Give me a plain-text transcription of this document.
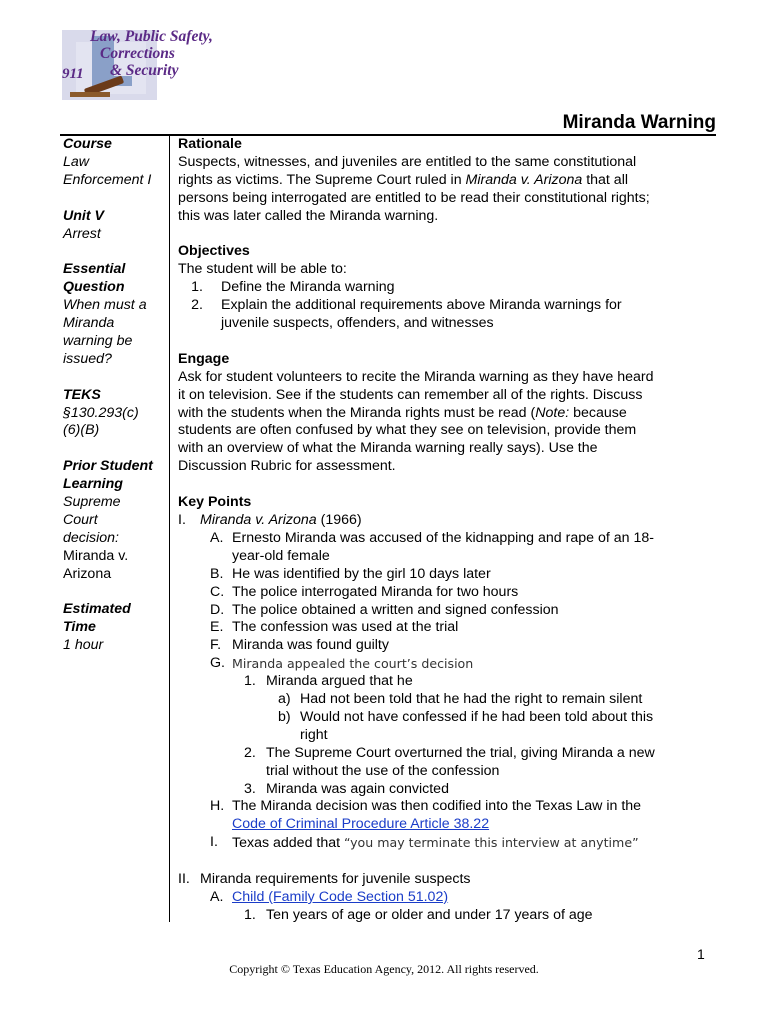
911
Law, Public Safety,
Corrections
& Security
Miranda Warning
Course
Law
Enforcement I
Unit V
Arrest
Essential
Question
When must a
Miranda
warning be
issued?
TEKS
§130.293(c)
(6)(B)
Prior Student
Learning
Supreme
Court
decision:
Miranda v.
Arizona
Estimated
Time
1 hour
Rationale
Suspects, witnesses, and juveniles are entitled to the same constitutional
rights as victims. The Supreme Court ruled in Miranda v. Arizona that all
persons being interrogated are entitled to be read their constitutional rights;
this was later called the Miranda warning.
Objectives
The student will be able to:
1.	Define the Miranda warning
2.	Explain the additional requirements above Miranda warnings for
juvenile suspects, offenders, and witnesses
Engage
Ask for student volunteers to recite the Miranda warning as they have heard
it on television. See if the students can remember all of the rights. Discuss
with the students when the Miranda rights must be read (Note: because
students are often confused by what they see on television, provide them
with an overview of what the Miranda warning really says). Use the
Discussion Rubric for assessment.
Key Points
I. Miranda v. Arizona (1966)
A. Ernesto Miranda was accused of the kidnapping and rape of an 18-
year-old female
B. He was identified by the girl 10 days later
C. The police interrogated Miranda for two hours
D. The police obtained a written and signed confession
E. The confession was used at the trial
F. Miranda was found guilty
G. Miranda appealed the court’s decision
1. Miranda argued that he
a) Had not been told that he had the right to remain silent
b) Would not have confessed if he had been told about this
right
2. The Supreme Court overturned the trial, giving Miranda a new
trial without the use of the confession
3. Miranda was again convicted
H. The Miranda decision was then codified into the Texas Law in the
Code of Criminal Procedure Article 38.22
I. Texas added that “you may terminate this interview at anytime”
II. Miranda requirements for juvenile suspects
A. Child (Family Code Section 51.02)
1. Ten years of age or older and under 17 years of age
1
Copyright © Texas Education Agency, 2012. All rights reserved.
